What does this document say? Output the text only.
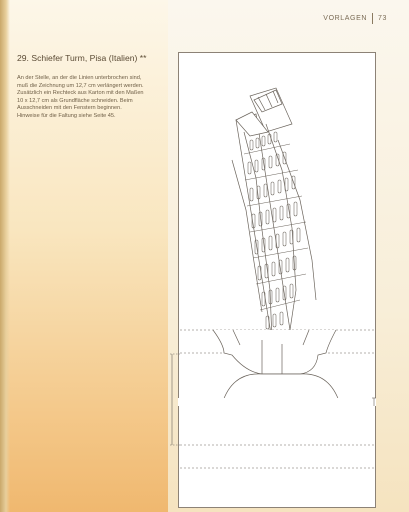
VORLAGEN 73
29. Schiefer Turm, Pisa (Italien) **
An der Stelle, an der die Linien unterbrochen sind, muß die Zeichnung um 12,7 cm verlängert werden. Zusätzlich ein Rechteck aus Karton mit den Maßen 10 x 12,7 cm als Grundfläche schneiden. Beim Ausschneiden mit den Fenstern beginnen. Hinweise für die Faltung siehe Seite 45.
